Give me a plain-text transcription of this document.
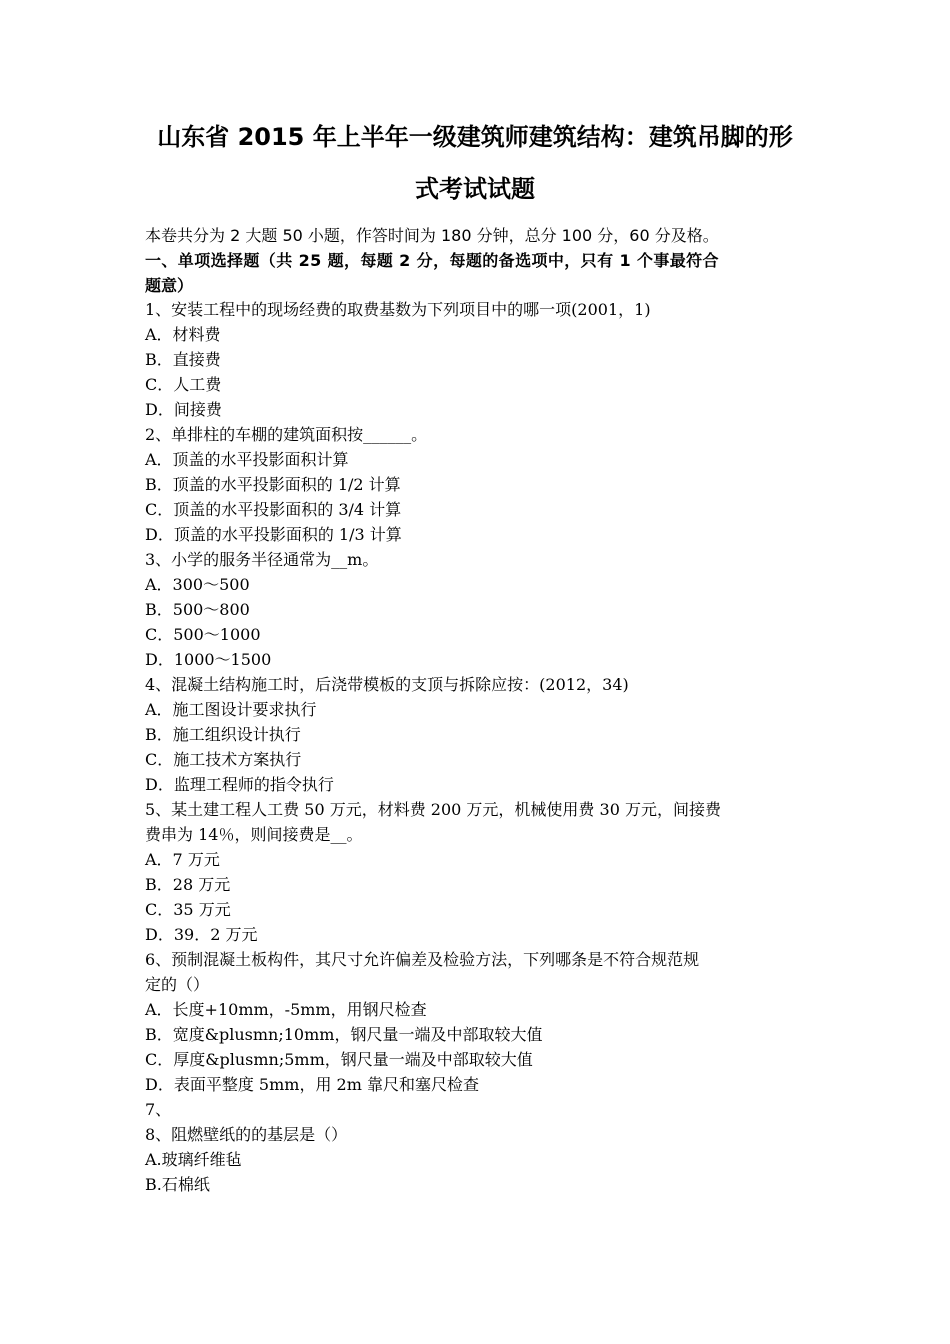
山东省 2015 年上半年一级建筑师建筑结构：建筑吊脚的形
式考试试题
本卷共分为 2 大题 50 小题，作答时间为 180 分钟，总分 100 分，60 分及格。
一、单项选择题（共 25 题，每题 2 分，每题的备选项中，只有 1 个事最符合
题意）
1、安装工程中的现场经费的取费基数为下列项目中的哪一项(2001，1)
A．材料费
B．直接费
C．人工费
D．间接费
2、单排柱的车棚的建筑面积按______。
A．顶盖的水平投影面积计算
B．顶盖的水平投影面积的 1/2 计算
C．顶盖的水平投影面积的 3/4 计算
D．顶盖的水平投影面积的 1/3 计算
3、小学的服务半径通常为__m。
A．300～500
B．500～800
C．500～1000
D．1000～1500
4、混凝土结构施工时，后浇带模板的支顶与拆除应按：(2012，34)
A．施工图设计要求执行
B．施工组织设计执行
C．施工技术方案执行
D．监理工程师的指令执行
5、某土建工程人工费 50 万元，材料费 200 万元，机械使用费 30 万元，间接费
费串为 14％，则间接费是__。
A．7 万元
B．28 万元
C．35 万元
D．39．2 万元
6、预制混凝土板构件，其尺寸允许偏差及检验方法，下列哪条是不符合规范规
定的（）
A．长度+10mm，-5mm，用钢尺检查
B．宽度&plusmn;10mm，钢尺量一端及中部取较大值
C．厚度&plusmn;5mm，钢尺量一端及中部取较大值
D．表面平整度 5mm，用 2m 靠尺和塞尺检查
7、
8、阻燃壁纸的的基层是（）
A.玻璃纤维毡
B.石棉纸
